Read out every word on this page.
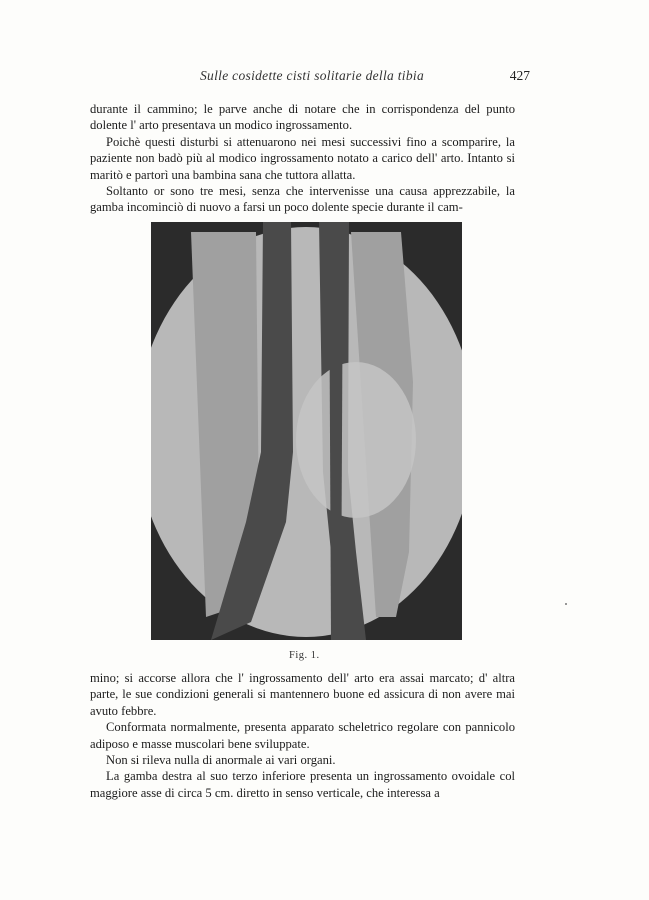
Sulle cosidette cisti solitarie della tibia	427

durante il cammino; le parve anche di notare che in corrispondenza del punto dolente l' arto presentava un modico ingrossamento.

Poichè questi disturbi si attenuarono nei mesi successivi fino a scomparire, la paziente non badò più al modico ingrossamento notato a carico dell' arto. Intanto si maritò e partorì una bambina sana che tuttora allatta.

Soltanto or sono tre mesi, senza che intervenisse una causa apprezzabile, la gamba incominciò di nuovo a farsi un poco dolente specie durante il cam-

Fig. 1.

mino; si accorse allora che l' ingrossamento dell' arto era assai marcato; d' altra parte, le sue condizioni generali si mantennero buone ed assicura di non avere mai avuto febbre.

Conformata normalmente, presenta apparato scheletrico regolare con pannicolo adiposo e masse muscolari bene sviluppate.

Non si rileva nulla di anormale ai vari organi.

La gamba destra al suo terzo inferiore presenta un ingrossamento ovoidale col maggiore asse di circa 5 cm. diretto in senso verticale, che interessa a
